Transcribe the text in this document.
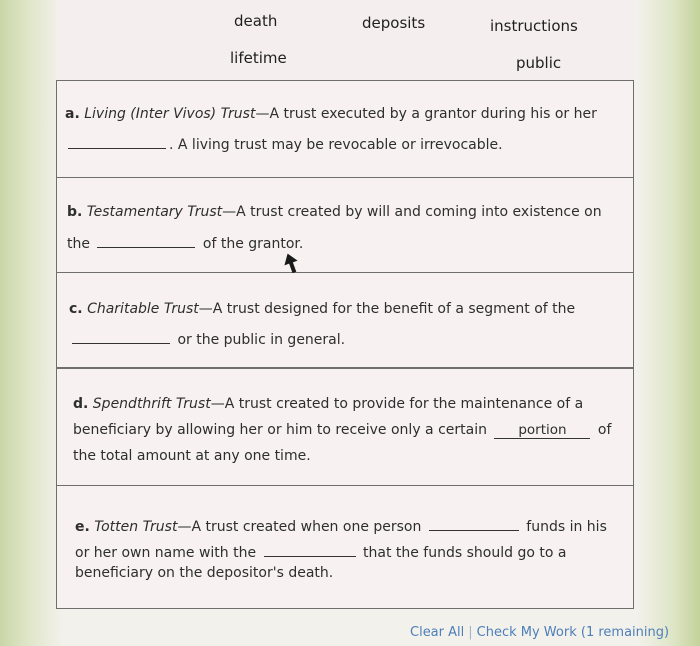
death	deposits	instructions
lifetime	public
a. Living (Inter Vivos) Trust—A trust executed by a grantor during his or her
. A living trust may be revocable or irrevocable.
b. Testamentary Trust—A trust created by will and coming into existence on
the	of the grantor.
c. Charitable Trust—A trust designed for the benefit of a segment of the
or the public in general.
d. Spendthrift Trust—A trust created to provide for the maintenance of a
beneficiary by allowing her or him to receive only a certain portion of
the total amount at any one time.
e. Totten Trust—A trust created when one person	funds in his
or her own name with the	that the funds should go to a
beneficiary on the depositor's death.
Clear All | Check My Work (1 remaining)
